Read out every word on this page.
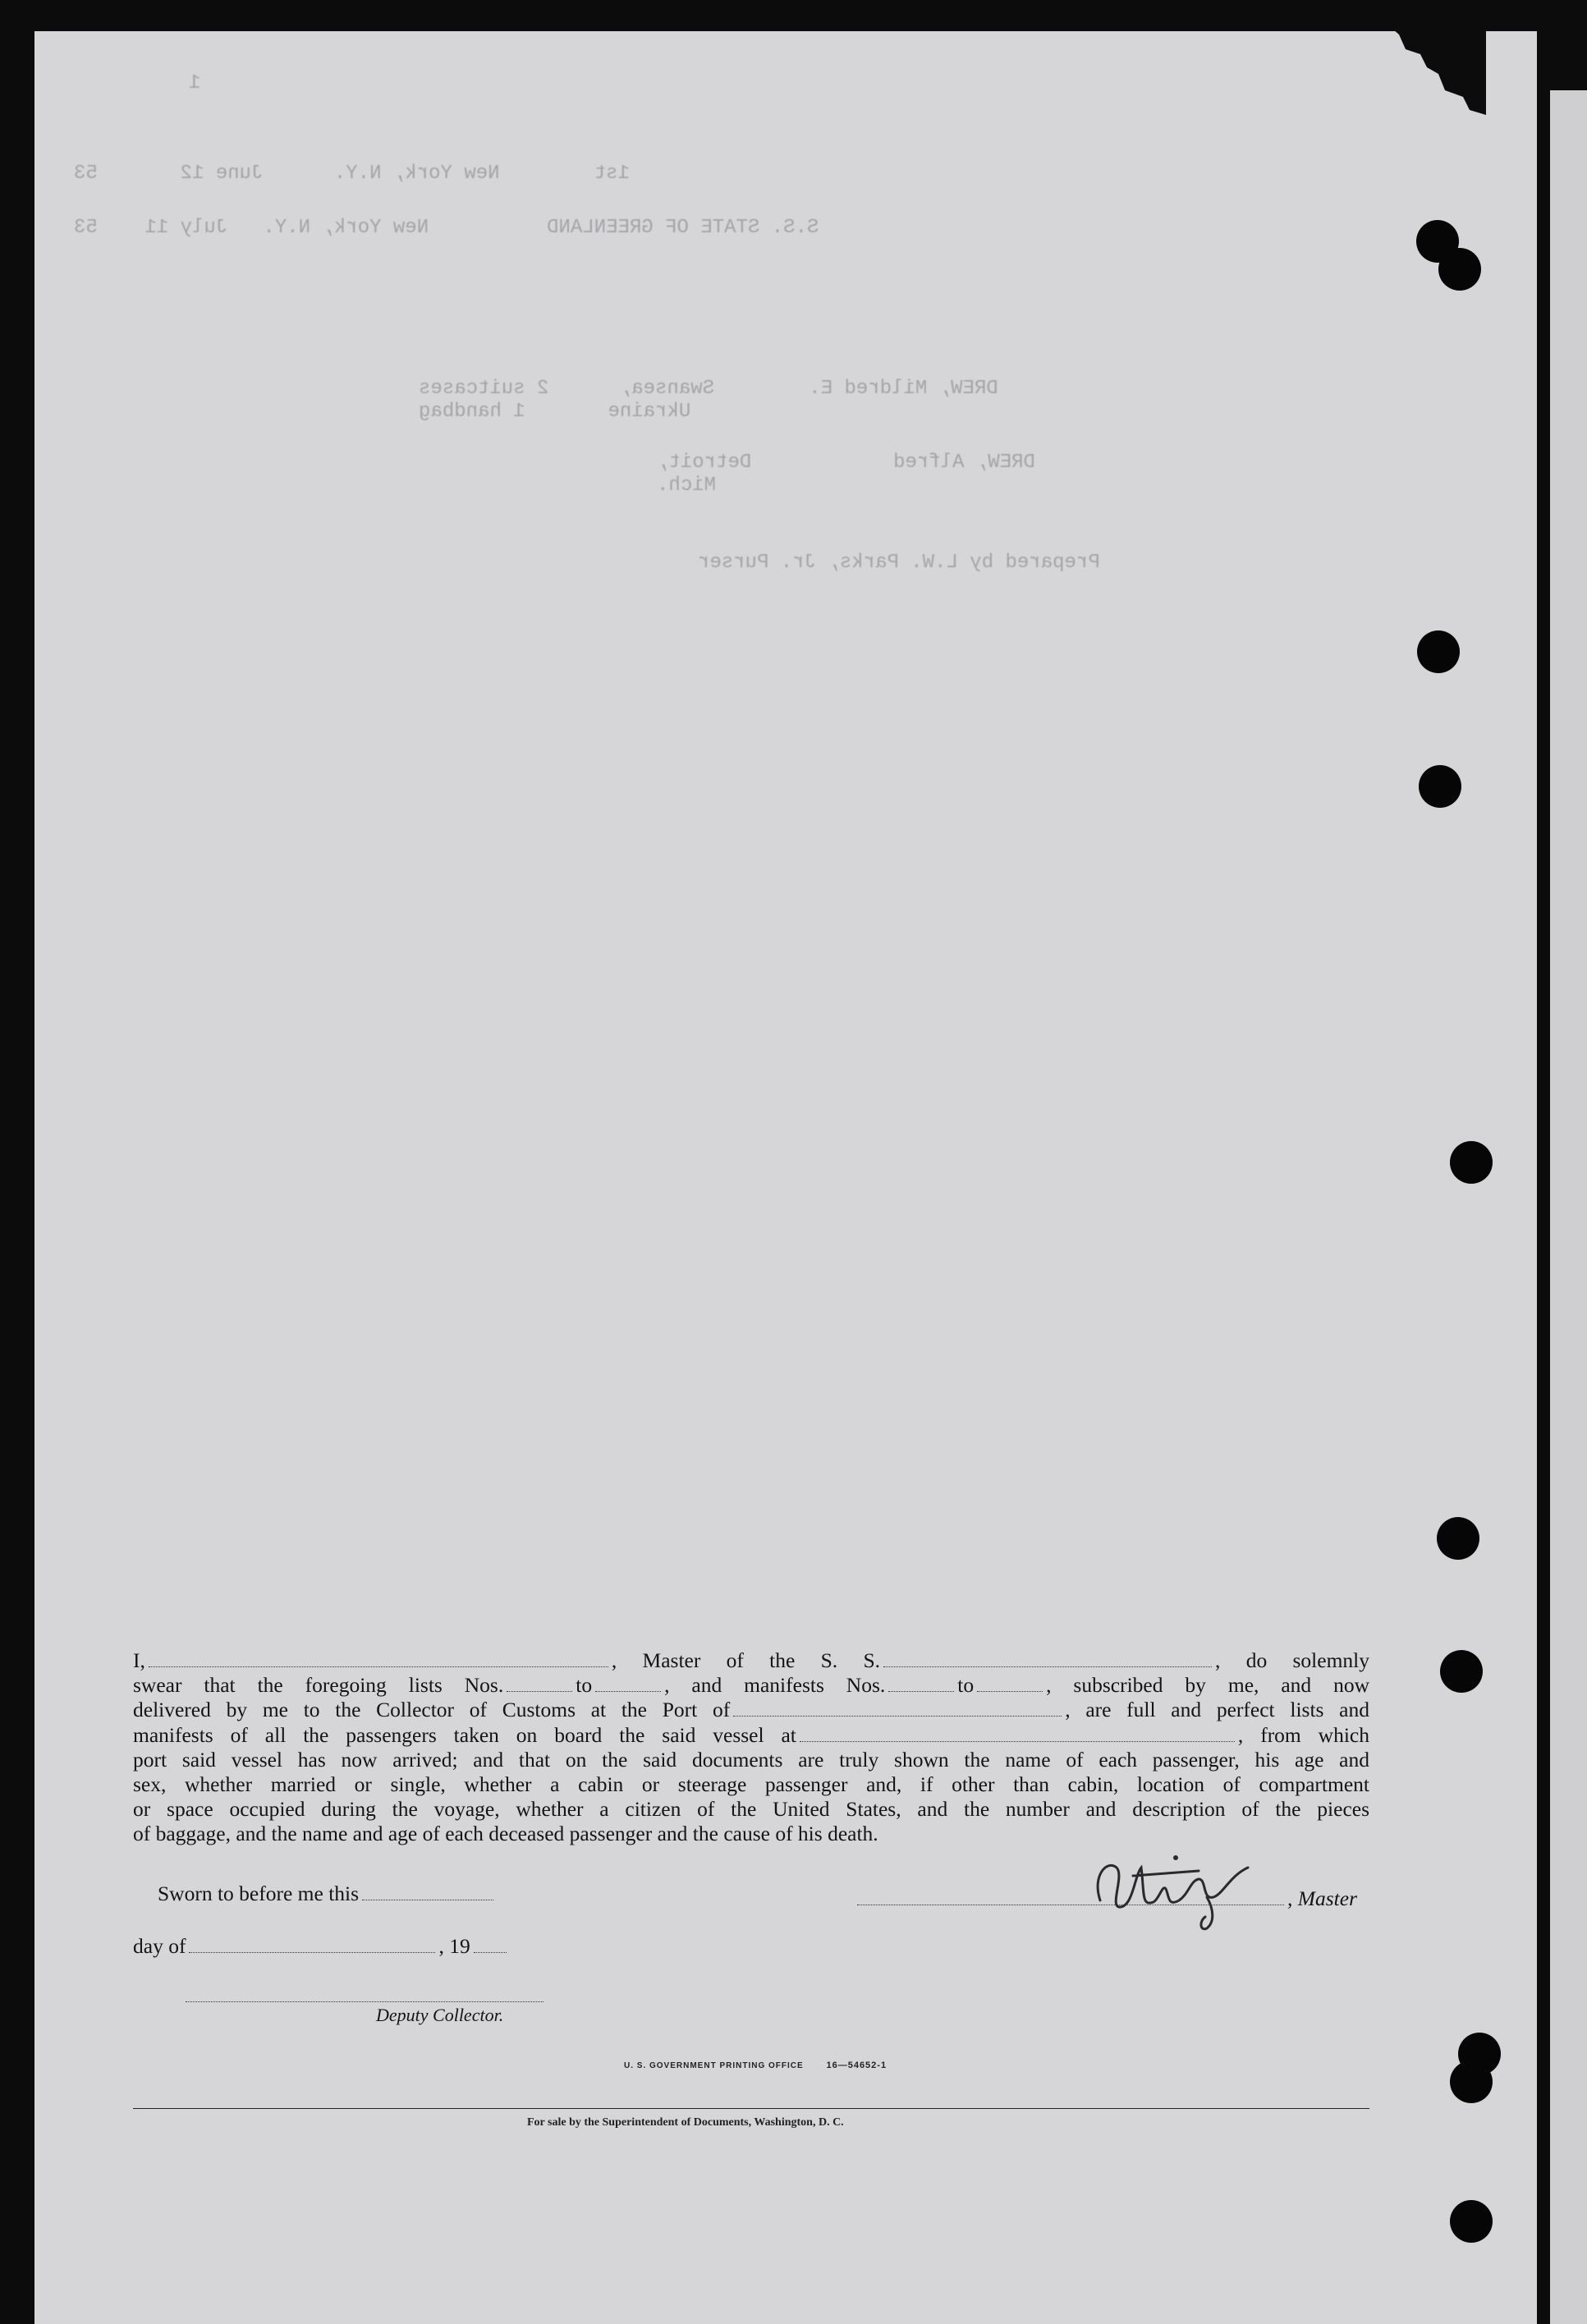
1
1st        New York, N.Y.      June 12       53
S.S. STATE OF GREENLAND          New York, N.Y.   July 11    53
DREW, Mildred E.        Swansea,      2 suitcases
Ukraine       1 handbag
DREW, Alfred            Detroit,
Mich.
Prepared by L.W. Parks, Jr. Purser
I,	, Master of the S. S.	, do solemnly
swear that the foregoing lists Nos.	to	, and manifests Nos.	to	, subscribed by me, and now
delivered by me to the Collector of Customs at the Port of	, are full and perfect lists and
manifests of all the passengers taken on board the said vessel at	, from which
port said vessel has now arrived; and that on the said documents are truly shown the name of each passenger, his age and
sex, whether married or single, whether a cabin or steerage passenger and, if other than cabin, location of compartment
or space occupied during the voyage, whether a citizen of the United States, and the number and description of the pieces
of baggage, and the name and age of each deceased passenger and the cause of his death.
Sworn to before me this	, Master
day of	, 19
Deputy Collector.
U. S. GOVERNMENT PRINTING OFFICE	16—54652-1
For sale by the Superintendent of Documents, Washington, D. C.
